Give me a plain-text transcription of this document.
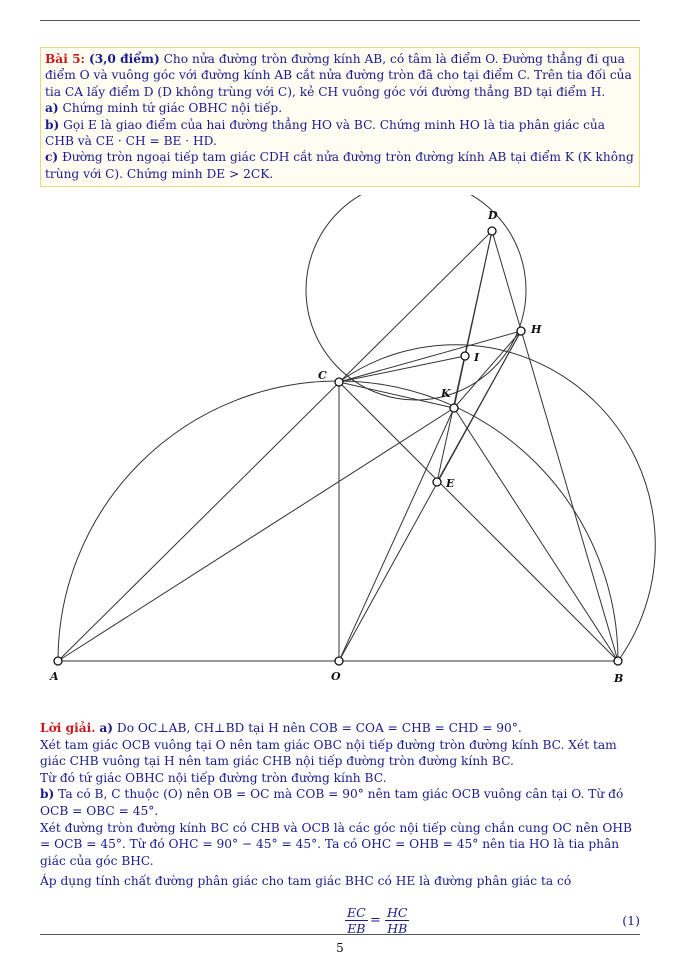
Bài 5: (3,0 điểm) Cho nửa đường tròn đường kính AB, có tâm là điểm O. Đường thẳng đi qua điểm O và vuông góc với đường kính AB cắt nửa đường tròn đã cho tại điểm C. Trên tia đối của tia CA lấy điểm D (D không trùng với C), kẻ CH vuông góc với đường thẳng BD tại điểm H.
a) Chứng minh tứ giác OBHC nội tiếp.
b) Gọi E là giao điểm của hai đường thẳng HO và BC. Chứng minh HO là tia phân giác của CHB và CE · CH = BE · HD.
c) Đường tròn ngoại tiếp tam giác CDH cắt nửa đường tròn đường kính AB tại điểm K (K không trùng với C). Chứng minh DE > 2CK.
A	O	B
C
D
H
I
K
E

Lời giải. a) Do OC⊥AB, CH⊥BD tại H nên COB = COA = CHB = CHD = 90°.

Xét tam giác OCB vuông tại O nên tam giác OBC nội tiếp đường tròn đường kính BC. Xét tam giác CHB vuông tại H nên tam giác CHB nội tiếp đường tròn đường kính BC.

Từ đó tứ giác OBHC nội tiếp đường tròn đường kính BC.

b) Ta có B, C thuộc (O) nên OB = OC mà COB = 90° nên tam giác OCB vuông cân tại O. Từ đó OCB = OBC = 45°.

Xét đường tròn đường kính BC có CHB và OCB là các góc nội tiếp cùng chắn cung OC nên OHB = OCB = 45°. Từ đó OHC = 90° − 45° = 45°. Ta có OHC = OHB = 45° nên tia HO là tia phân giác của góc BHC.

Áp dụng tính chất đường phân giác cho tam giác BHC có HE là đường phân giác ta có

$\frac{EC}{EB} = \frac{HC}{HB}$	(1)
5
